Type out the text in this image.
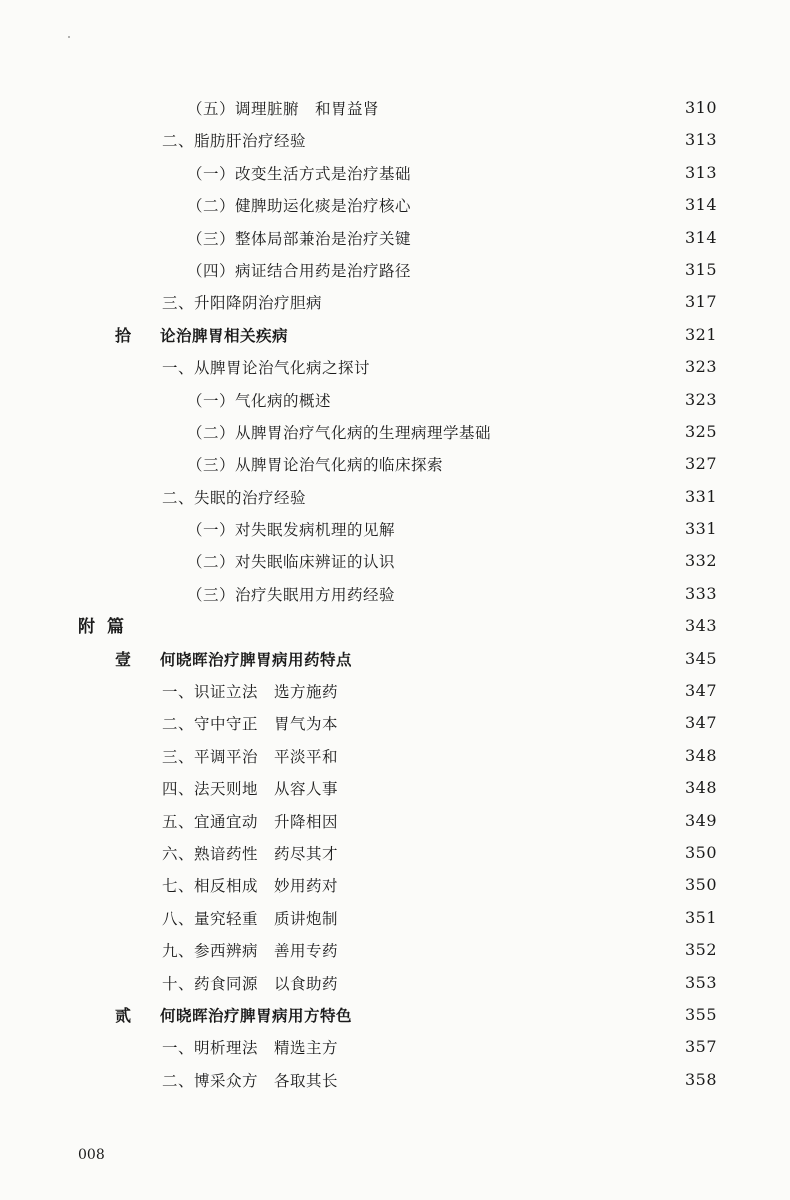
（五）调理脏腑　和胃益肾	310
二、脂肪肝治疗经验	313
（一）改变生活方式是治疗基础	313
（二）健脾助运化痰是治疗核心	314
（三）整体局部兼治是治疗关键	314
（四）病证结合用药是治疗路径	315
三、升阳降阴治疗胆病	317
拾 论治脾胃相关疾病	321
一、从脾胃论治气化病之探讨	323
（一）气化病的概述	323
（二）从脾胃治疗气化病的生理病理学基础	325
（三）从脾胃论治气化病的临床探索	327
二、失眠的治疗经验	331
（一）对失眠发病机理的见解	331
（二）对失眠临床辨证的认识	332
（三）治疗失眠用方用药经验	333
附篇	343
壹 何晓晖治疗脾胃病用药特点	345
一、识证立法　选方施药	347
二、守中守正　胃气为本	347
三、平调平治　平淡平和	348
四、法天则地　从容人事	348
五、宜通宜动　升降相因	349
六、熟谙药性　药尽其才	350
七、相反相成　妙用药对	350
八、量究轻重　质讲炮制	351
九、参西辨病　善用专药	352
十、药食同源　以食助药	353
贰 何晓晖治疗脾胃病用方特色	355
一、明析理法　精选主方	357
二、博采众方　各取其长	358
008
